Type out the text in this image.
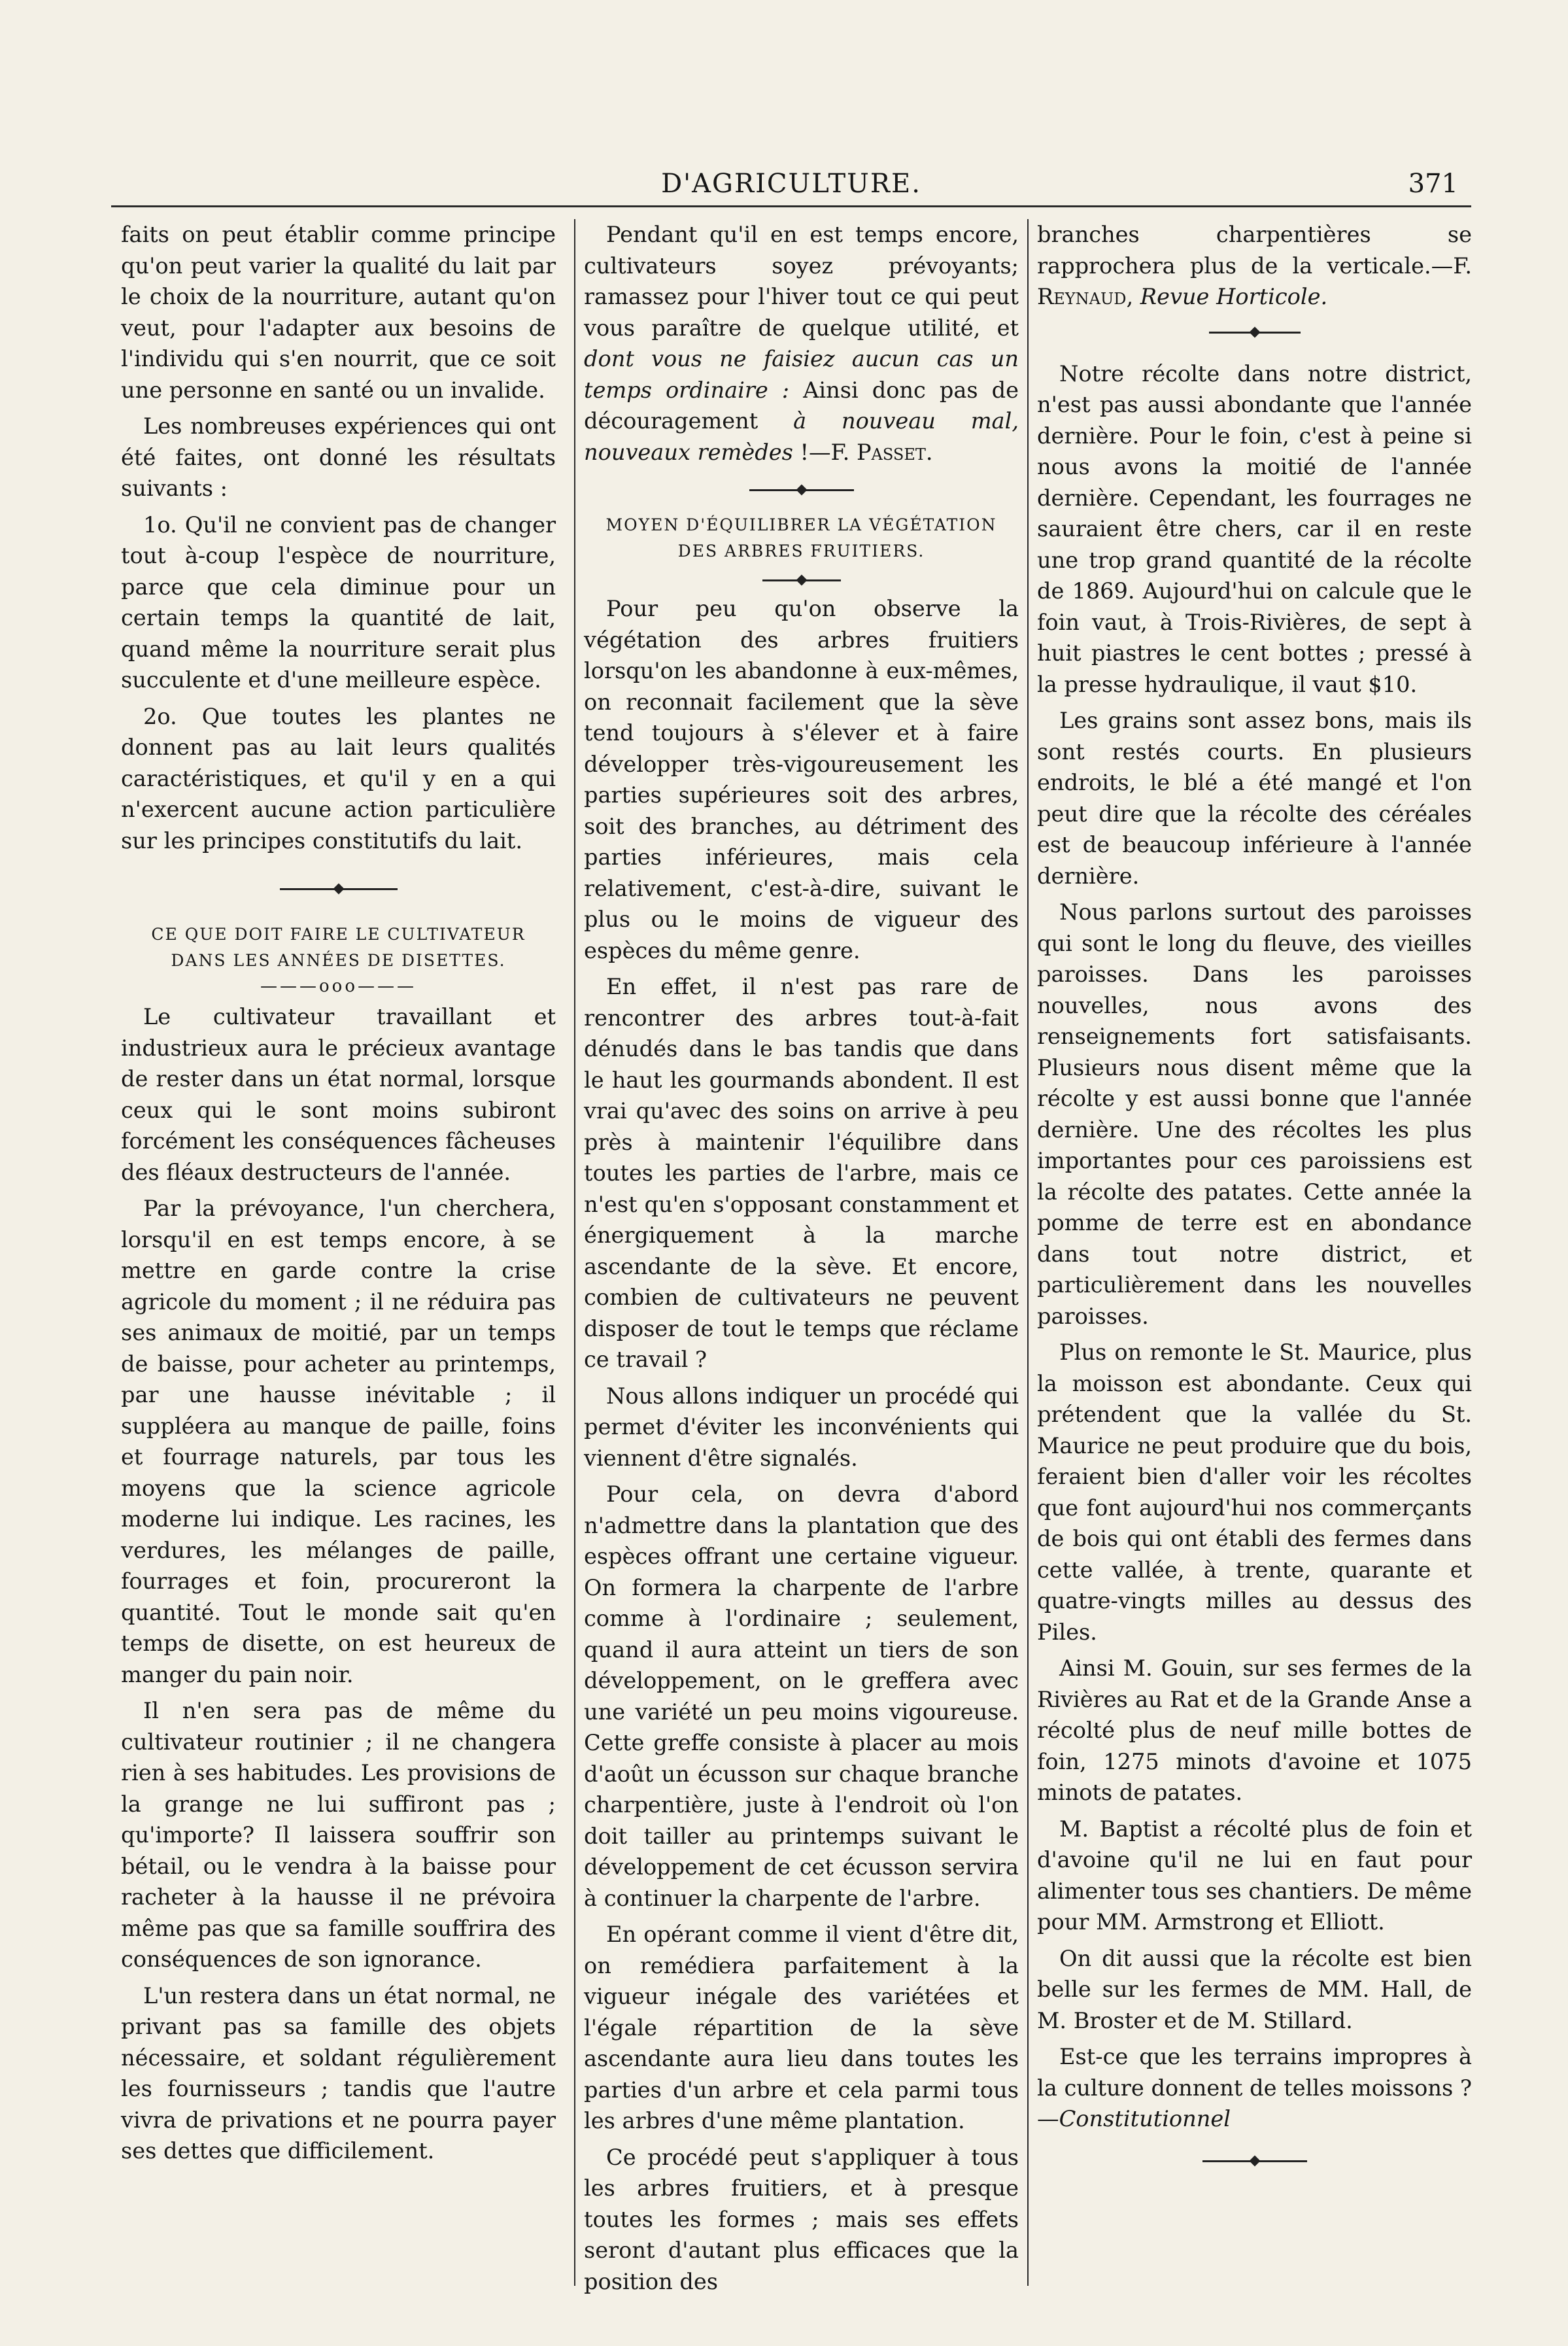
D'AGRICULTURE.	371

faits on peut établir comme principe qu'on peut varier la qualité du lait par le choix de la nourriture, autant qu'on veut, pour l'adapter aux besoins de l'individu qui s'en nourrit, que ce soit une personne en santé ou un invalide.

Les nombreuses expériences qui ont été faites, ont donné les résultats suivants :

1o. Qu'il ne convient pas de changer tout à-coup l'espèce de nourriture, parce que cela diminue pour un certain temps la quantité de lait, quand même la nourriture serait plus succulente et d'une meilleure espèce.

2o. Que toutes les plantes ne donnent pas au lait leurs qualités caractéristiques, et qu'il y en a qui n'exercent aucune action particulière sur les principes constitutifs du lait.

CE QUE DOIT FAIRE LE CULTIVATEUR DANS LES ANNÉES DE DISETTES.
———ooo———

Le cultivateur travaillant et industrieux aura le précieux avantage de rester dans un état normal, lorsque ceux qui le sont moins subiront forcément les conséquences fâcheuses des fléaux destructeurs de l'année.

Par la prévoyance, l'un cherchera, lorsqu'il en est temps encore, à se mettre en garde contre la crise agricole du moment ; il ne réduira pas ses animaux de moitié, par un temps de baisse, pour acheter au printemps, par une hausse inévitable ; il suppléera au manque de paille, foins et fourrage naturels, par tous les moyens que la science agricole moderne lui indique. Les racines, les verdures, les mélanges de paille, fourrages et foin, procureront la quantité. Tout le monde sait qu'en temps de disette, on est heureux de manger du pain noir.

Il n'en sera pas de même du cultivateur routinier ; il ne changera rien à ses habitudes. Les provisions de la grange ne lui suffiront pas ; qu'importe? Il laissera souffrir son bétail, ou le vendra à la baisse pour racheter à la hausse il ne prévoira même pas que sa famille souffrira des conséquences de son ignorance.

L'un restera dans un état normal, ne privant pas sa famille des objets nécessaire, et soldant régulièrement les fournisseurs ; tandis que l'autre vivra de privations et ne pourra payer ses dettes que difficilement.

Pendant qu'il en est temps encore, cultivateurs soyez prévoyants; ramassez pour l'hiver tout ce qui peut vous paraître de quelque utilité, et dont vous ne faisiez aucun cas un temps ordinaire : Ainsi donc pas de découragement à nouveau mal, nouveaux remèdes !—F. Passet.

MOYEN D'ÉQUILIBRER LA VÉGÉTATION DES ARBRES FRUITIERS.

Pour peu qu'on observe la végétation des arbres fruitiers lorsqu'on les abandonne à eux-mêmes, on reconnait facilement que la sève tend toujours à s'élever et à faire développer très-vigoureusement les parties supérieures soit des arbres, soit des branches, au détriment des parties inférieures, mais cela relativement, c'est-à-dire, suivant le plus ou le moins de vigueur des espèces du même genre.

En effet, il n'est pas rare de rencontrer des arbres tout-à-fait dénudés dans le bas tandis que dans le haut les gourmands abondent. Il est vrai qu'avec des soins on arrive à peu près à maintenir l'équilibre dans toutes les parties de l'arbre, mais ce n'est qu'en s'opposant constamment et énergiquement à la marche ascendante de la sève. Et encore, combien de cultivateurs ne peuvent disposer de tout le temps que réclame ce travail ?

Nous allons indiquer un procédé qui permet d'éviter les inconvénients qui viennent d'être signalés.

Pour cela, on devra d'abord n'admettre dans la plantation que des espèces offrant une certaine vigueur. On formera la charpente de l'arbre comme à l'ordinaire ; seulement, quand il aura atteint un tiers de son développement, on le greffera avec une variété un peu moins vigoureuse. Cette greffe consiste à placer au mois d'août un écusson sur chaque branche charpentière, juste à l'endroit où l'on doit tailler au printemps suivant le développement de cet écusson servira à continuer la charpente de l'arbre.

En opérant comme il vient d'être dit, on remédiera parfaitement à la vigueur inégale des variétées et l'égale répartition de la sève ascendante aura lieu dans toutes les parties d'un arbre et cela parmi tous les arbres d'une même plantation.

Ce procédé peut s'appliquer à tous les arbres fruitiers, et à presque toutes les formes ; mais ses effets seront d'autant plus efficaces que la position des

branches charpentières se rapprochera plus de la verticale.—F. Reynaud, Revue Horticole.

Notre récolte dans notre district, n'est pas aussi abondante que l'année dernière. Pour le foin, c'est à peine si nous avons la moitié de l'année dernière. Cependant, les fourrages ne sauraient être chers, car il en reste une trop grand quantité de la récolte de 1869. Aujourd'hui on calcule que le foin vaut, à Trois-Rivières, de sept à huit piastres le cent bottes ; pressé à la presse hydraulique, il vaut $10.

Les grains sont assez bons, mais ils sont restés courts. En plusieurs endroits, le blé a été mangé et l'on peut dire que la récolte des céréales est de beaucoup inférieure à l'année dernière.

Nous parlons surtout des paroisses qui sont le long du fleuve, des vieilles paroisses. Dans les paroisses nouvelles, nous avons des renseignements fort satisfaisants. Plusieurs nous disent même que la récolte y est aussi bonne que l'année dernière. Une des récoltes les plus importantes pour ces paroissiens est la récolte des patates. Cette année la pomme de terre est en abondance dans tout notre district, et particulièrement dans les nouvelles paroisses.

Plus on remonte le St. Maurice, plus la moisson est abondante. Ceux qui prétendent que la vallée du St. Maurice ne peut produire que du bois, feraient bien d'aller voir les récoltes que font aujourd'hui nos commerçants de bois qui ont établi des fermes dans cette vallée, à trente, quarante et quatre-vingts milles au dessus des Piles.

Ainsi M. Gouin, sur ses fermes de la Rivières au Rat et de la Grande Anse a récolté plus de neuf mille bottes de foin, 1275 minots d'avoine et 1075 minots de patates.

M. Baptist a récolté plus de foin et d'avoine qu'il ne lui en faut pour alimenter tous ses chantiers. De même pour MM. Armstrong et Elliott.

On dit aussi que la récolte est bien belle sur les fermes de MM. Hall, de M. Broster et de M. Stillard.

Est-ce que les terrains impropres à la culture donnent de telles moissons ?—Constitutionnel
